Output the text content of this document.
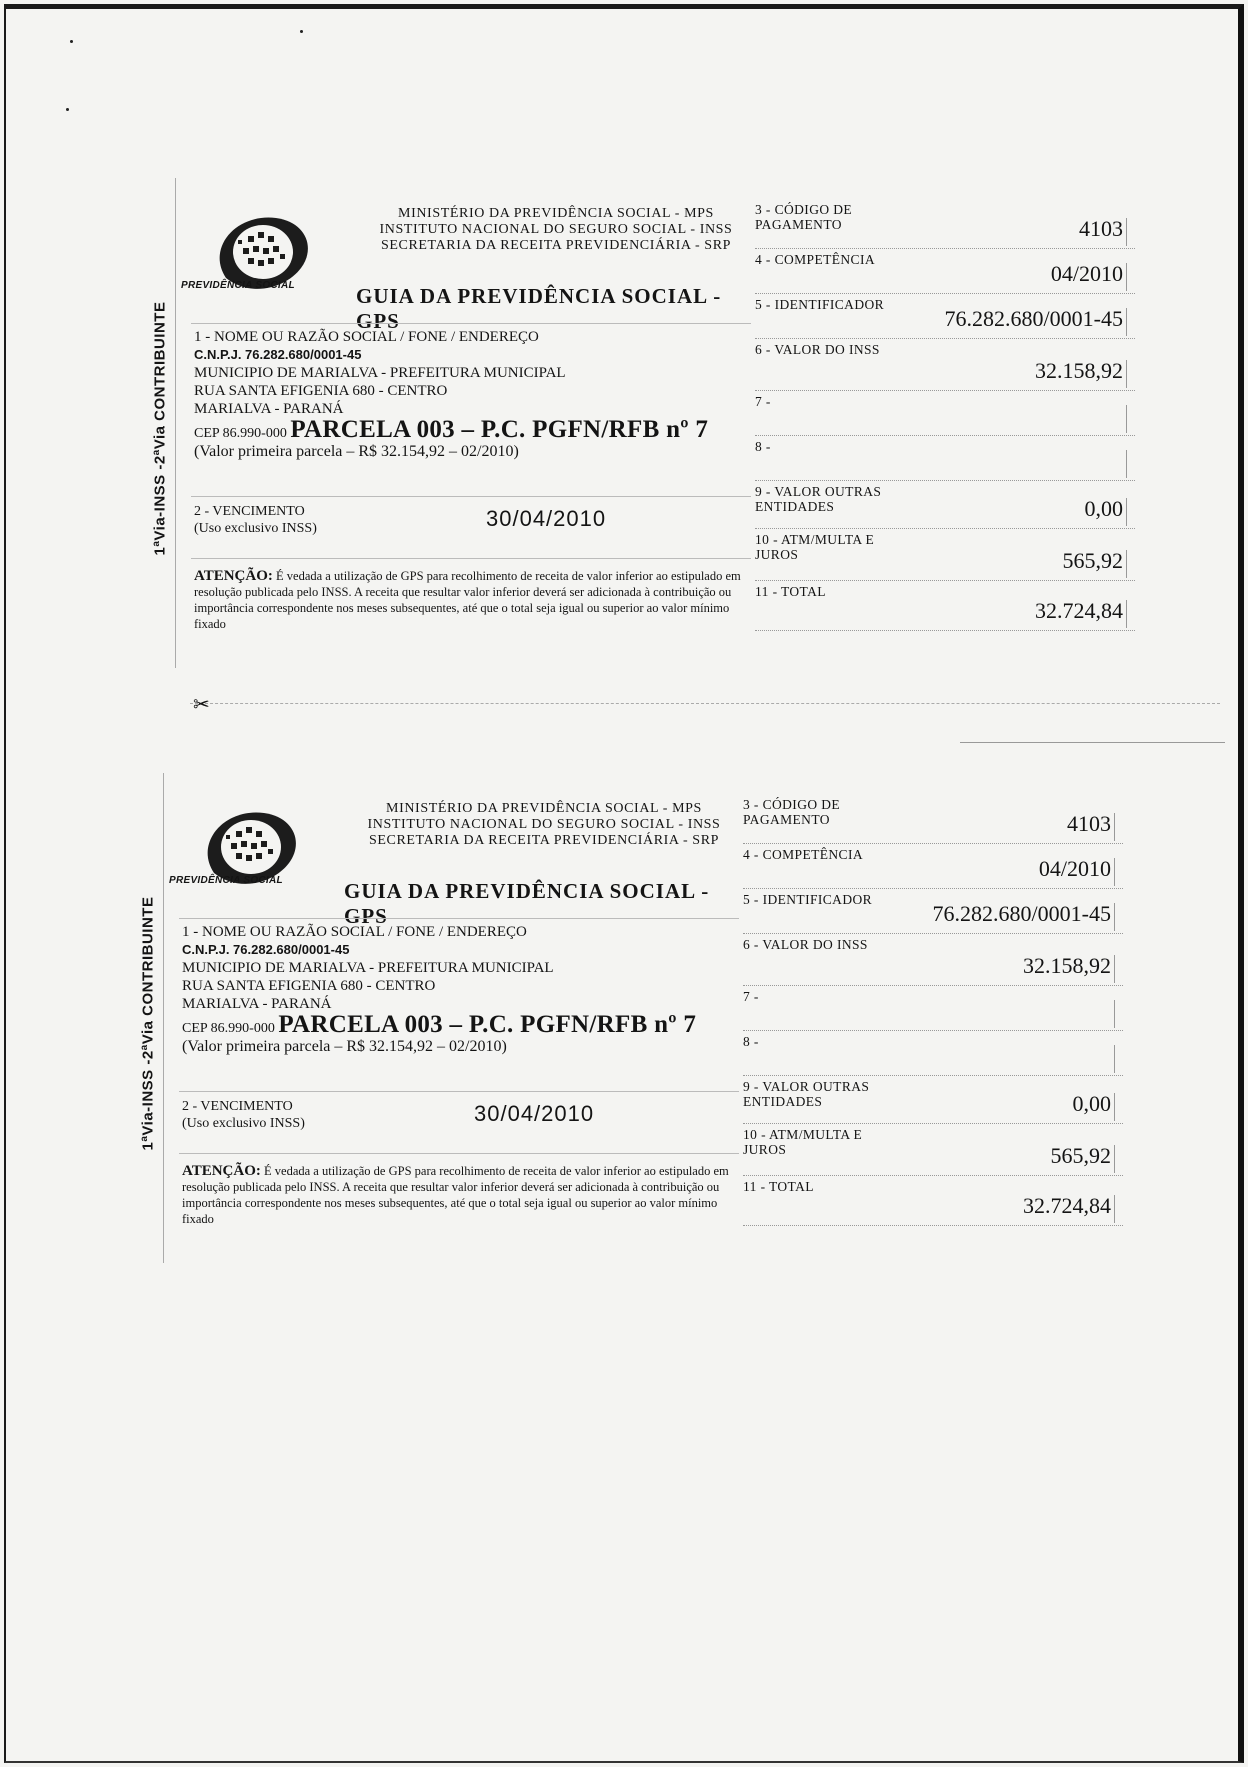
1ªVia-INSS -2ªVia CONTRIBUINTE
PREVIDÊNCIA SOCIAL
MINISTÉRIO DA PREVIDÊNCIA SOCIAL - MPS
INSTITUTO NACIONAL DO SEGURO SOCIAL - INSS
SECRETARIA DA RECEITA PREVIDENCIÁRIA - SRP
GUIA DA PREVIDÊNCIA SOCIAL - GPS
1 - NOME OU RAZÃO SOCIAL / FONE / ENDEREÇO
C.N.P.J. 76.282.680/0001-45
MUNICIPIO DE MARIALVA - PREFEITURA MUNICIPAL
RUA SANTA EFIGENIA 680 - CENTRO
MARIALVA - PARANÁ
CEP 86.990-000 PARCELA 003 – P.C. PGFN/RFB nº 7
(Valor primeira parcela – R$ 32.154,92 – 02/2010)
2 - VENCIMENTO
(Uso exclusivo INSS)	30/04/2010
ATENÇÃO: É vedada a utilização de GPS para recolhimento de receita de valor inferior ao estipulado em resolução publicada pelo INSS. A receita que resultar valor inferior deverá ser adicionada à contribuição ou importância correspondente nos meses subsequentes, até que o total seja igual ou superior ao valor mínimo fixado
3 - CÓDIGO DE PAGAMENTO	4103
4 - COMPETÊNCIA
04/2010
5 - IDENTIFICADOR
76.282.680/0001-45
6 - VALOR DO INSS
32.158,92
7 -
8 -
9 - VALOR OUTRAS ENTIDADES	0,00
10 - ATM/MULTA E JUROS	565,92
11 - TOTAL
32.724,84
✂
1ªVia-INSS -2ªVia CONTRIBUINTE
PREVIDÊNCIA SOCIAL
MINISTÉRIO DA PREVIDÊNCIA SOCIAL - MPS
INSTITUTO NACIONAL DO SEGURO SOCIAL - INSS
SECRETARIA DA RECEITA PREVIDENCIÁRIA - SRP
GUIA DA PREVIDÊNCIA SOCIAL - GPS
1 - NOME OU RAZÃO SOCIAL / FONE / ENDEREÇO
C.N.P.J. 76.282.680/0001-45
MUNICIPIO DE MARIALVA - PREFEITURA MUNICIPAL
RUA SANTA EFIGENIA 680 - CENTRO
MARIALVA - PARANÁ
CEP 86.990-000 PARCELA 003 – P.C. PGFN/RFB nº 7
(Valor primeira parcela – R$ 32.154,92 – 02/2010)
2 - VENCIMENTO
(Uso exclusivo INSS)	30/04/2010
ATENÇÃO: É vedada a utilização de GPS para recolhimento de receita de valor inferior ao estipulado em resolução publicada pelo INSS. A receita que resultar valor inferior deverá ser adicionada à contribuição ou importância correspondente nos meses subsequentes, até que o total seja igual ou superior ao valor mínimo fixado
3 - CÓDIGO DE PAGAMENTO	4103
4 - COMPETÊNCIA
04/2010
5 - IDENTIFICADOR
76.282.680/0001-45
6 - VALOR DO INSS
32.158,92
7 -
8 -
9 - VALOR OUTRAS ENTIDADES	0,00
10 - ATM/MULTA E JUROS	565,92
11 - TOTAL
32.724,84
